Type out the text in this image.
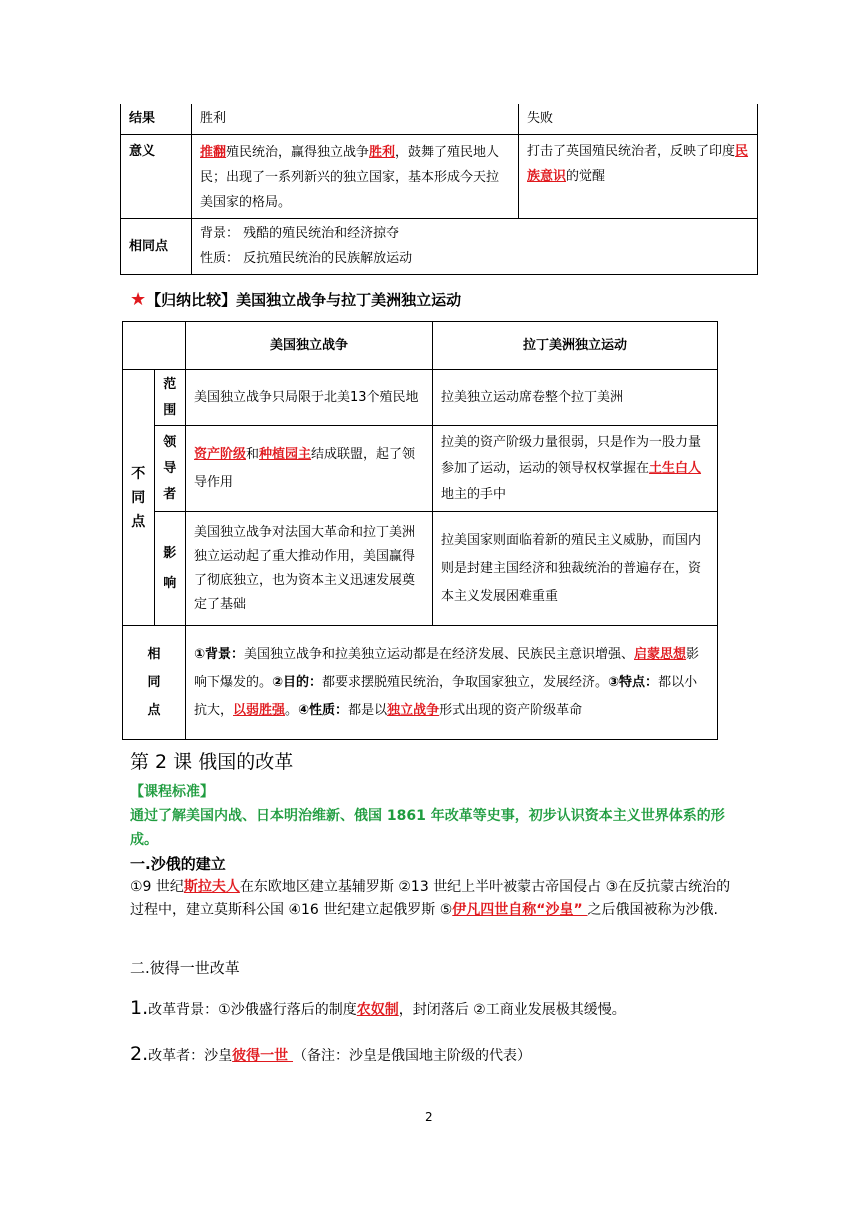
结果	胜利	失败
意义	推翻殖民统治，赢得独立战争胜利，鼓舞了殖民地人民；出现了一系列新兴的独立国家，基本形成今天拉美国家的格局。	打击了英国殖民统治者，反映了印度民族意识的觉醒
相同点	背景： 残酷的殖民统治和经济掠夺
性质： 反抗殖民统治的民族解放运动	
★【归纳比较】美国独立战争与拉丁美洲独立运动
		美国独立战争	拉丁美洲独立运动

不同点	范围	美国独立战争只局限于北美13个殖民地	拉美独立运动席卷整个拉丁美洲

	领导者	资产阶级和种植园主结成联盟，起了领导作用	拉美的资产阶级力量很弱，只是作为一股力量参加了运动，运动的领导权权掌握在土生白人地主的手中

	影响	美国独立战争对法国大革命和拉丁美洲独立运动起了重大推动作用，美国赢得了彻底独立，也为资本主义迅速发展奠定了基础	拉美国家则面临着新的殖民主义威胁，而国内则是封建主国经济和独裁统治的普遍存在，资本主义发展困难重重

相同点		①背景：美国独立战争和拉美独立运动都是在经济发展、民族民主意识增强、启蒙思想影响下爆发的。②目的：都要求摆脱殖民统治，争取国家独立，发展经济。③特点：都以小抗大，以弱胜强。④性质：都是以独立战争形式出现的资产阶级革命	
第 2 课 俄国的改革
【课程标准】
通过了解美国内战、日本明治维新、俄国 1861 年改革等史事，初步认识资本主义世界体系的形成。
一.沙俄的建立
①9 世纪斯拉夫人在东欧地区建立基辅罗斯 ②13 世纪上半叶被蒙古帝国侵占 ③在反抗蒙古统治的过程中，建立莫斯科公国 ④16 世纪建立起俄罗斯 ⑤伊凡四世自称“沙皇” 之后俄国被称为沙俄.
二.彼得一世改革
1.改革背景：①沙俄盛行落后的制度农奴制，封闭落后 ②工商业发展极其缓慢。
2.改革者：沙皇彼得一世 （备注：沙皇是俄国地主阶级的代表）
2
